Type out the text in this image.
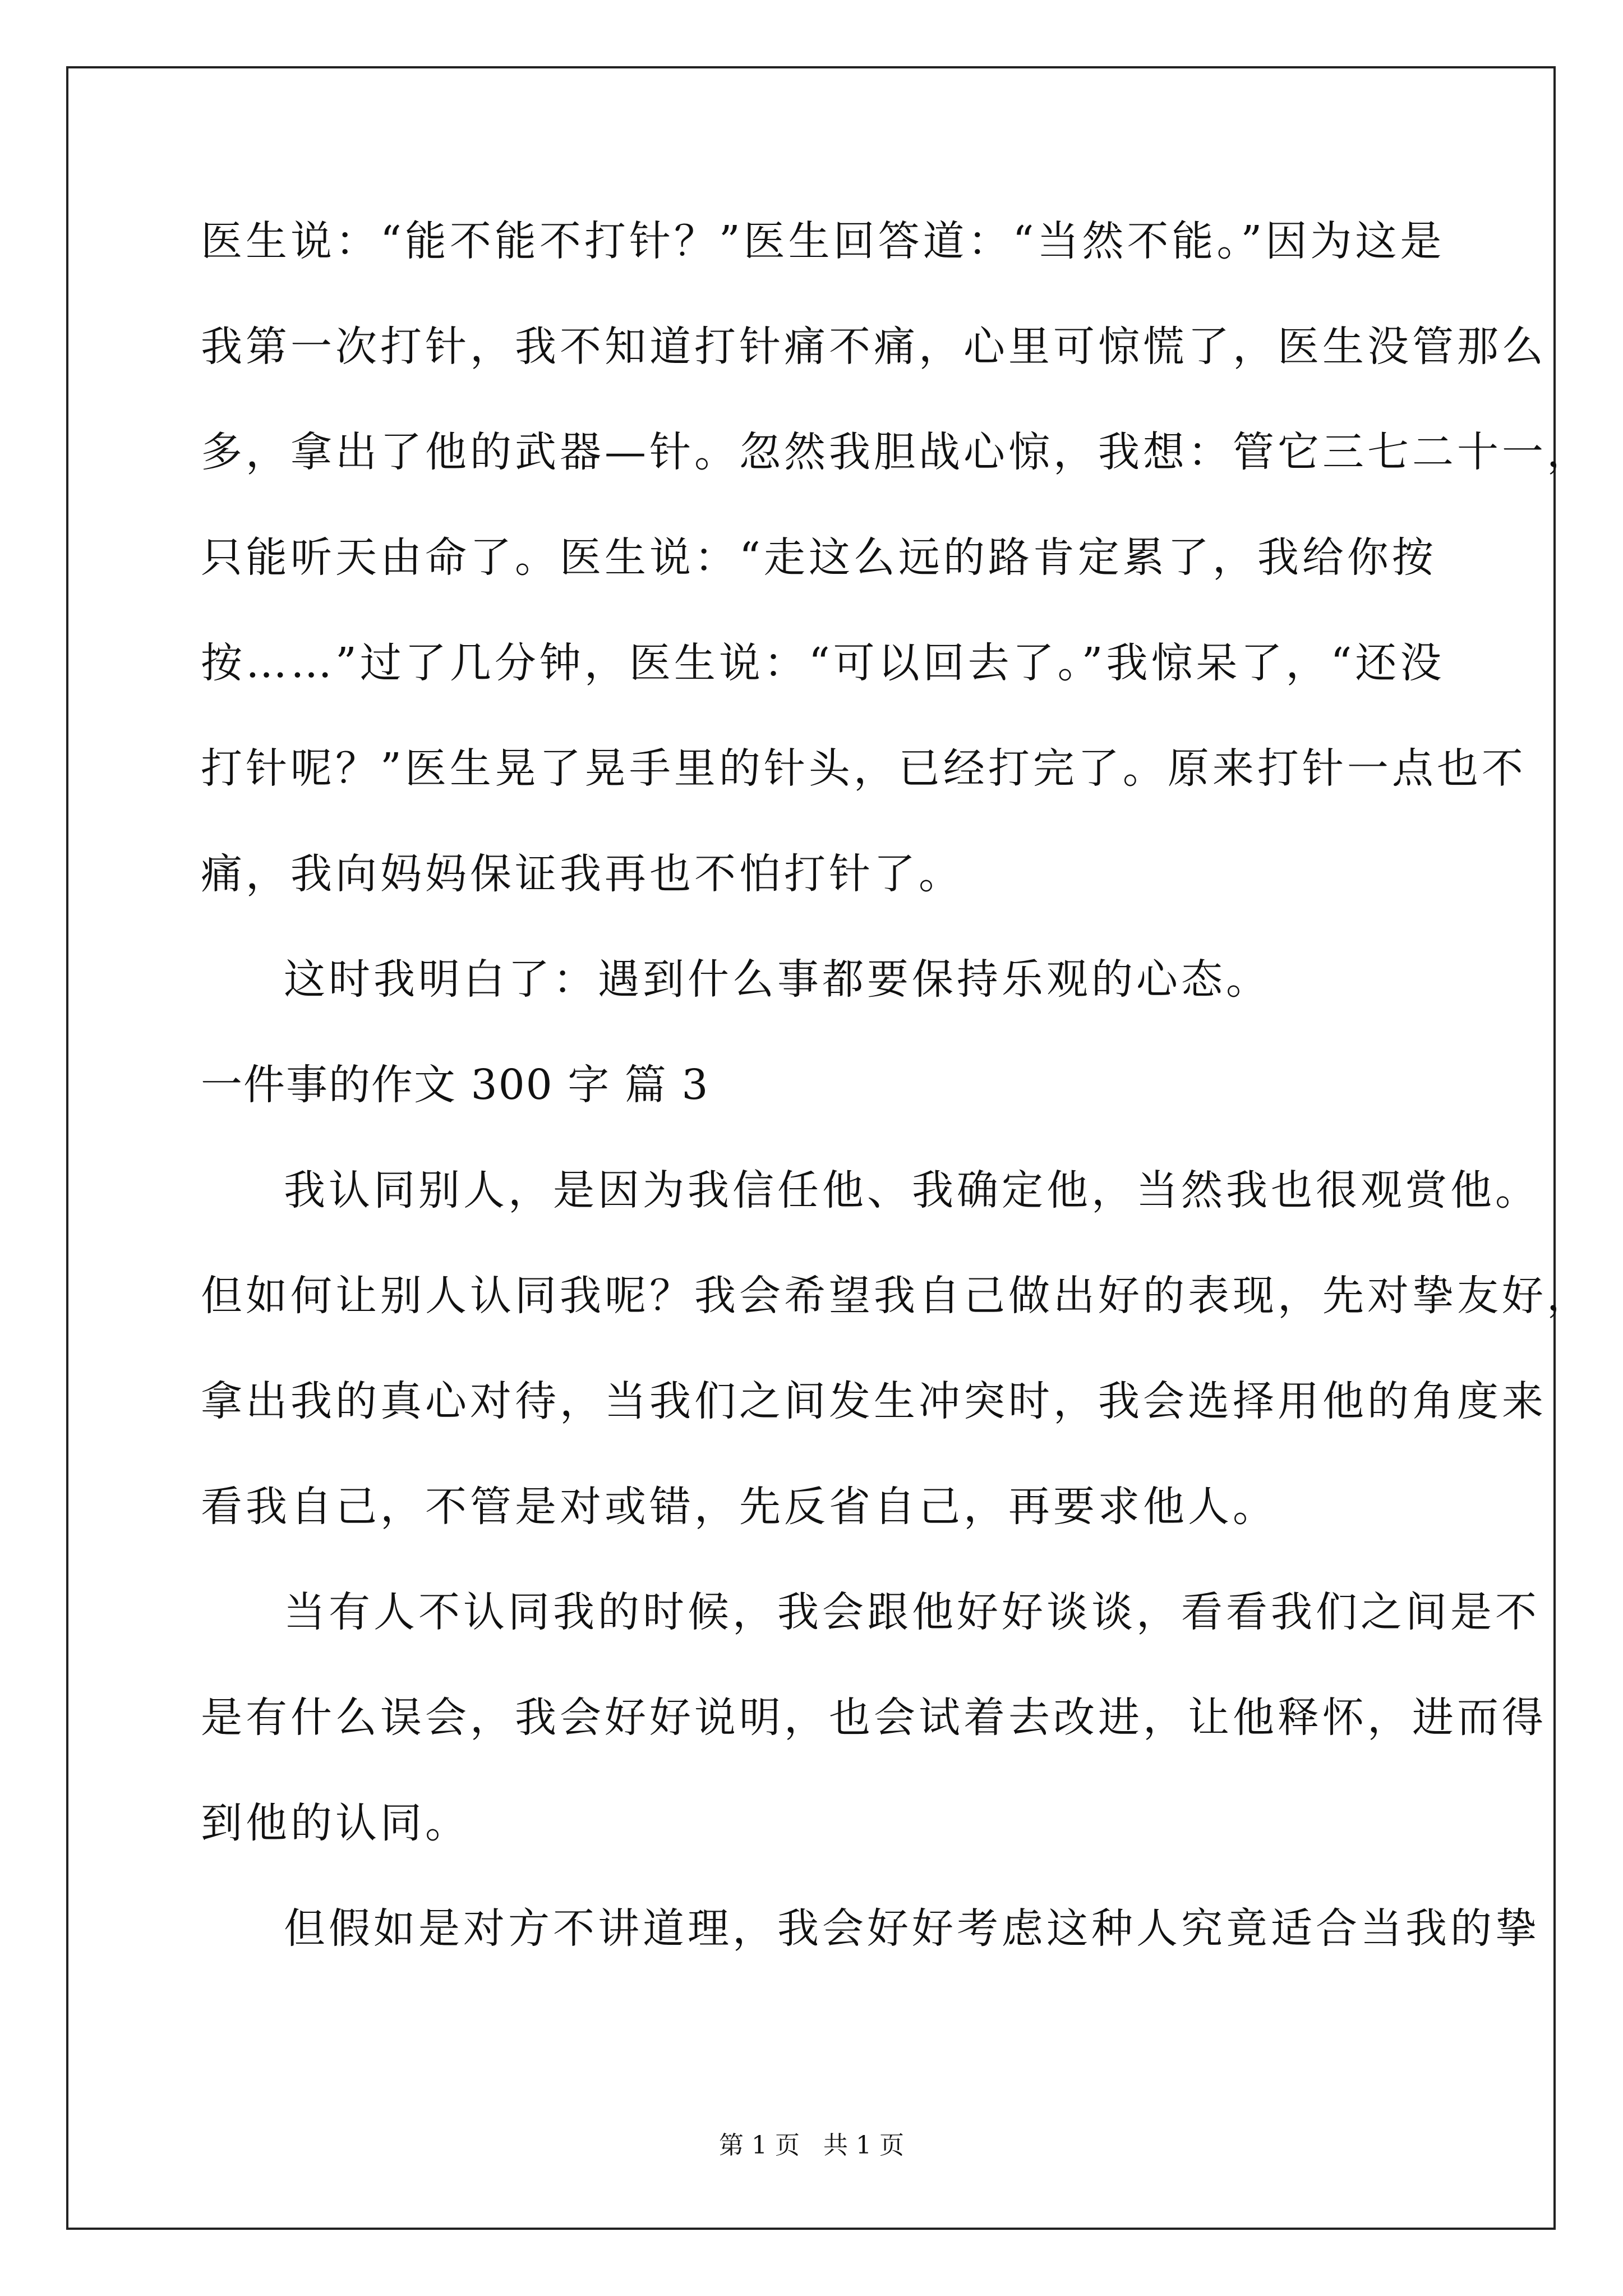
医生说：“能不能不打针？”医生回答道：“当然不能。”因为这是
我第一次打针，我不知道打针痛不痛，心里可惊慌了，医生没管那么
多，拿出了他的武器—针。忽然我胆战心惊，我想：管它三七二十一，
只能听天由命了。医生说：“走这么远的路肯定累了，我给你按
按……”过了几分钟，医生说：“可以回去了。”我惊呆了，“还没
打针呢？”医生晃了晃手里的针头，已经打完了。原来打针一点也不
痛，我向妈妈保证我再也不怕打针了。
这时我明白了：遇到什么事都要保持乐观的心态。
一件事的作文 300 字 篇 3
我认同别人，是因为我信任他、我确定他，当然我也很观赏他。
但如何让别人认同我呢？我会希望我自己做出好的表现，先对挚友好，
拿出我的真心对待，当我们之间发生冲突时，我会选择用他的角度来
看我自己，不管是对或错，先反省自己，再要求他人。
当有人不认同我的时候，我会跟他好好谈谈，看看我们之间是不
是有什么误会，我会好好说明，也会试着去改进，让他释怀，进而得
到他的认同。
但假如是对方不讲道理，我会好好考虑这种人究竟适合当我的挚
第 1 页 共 1 页
